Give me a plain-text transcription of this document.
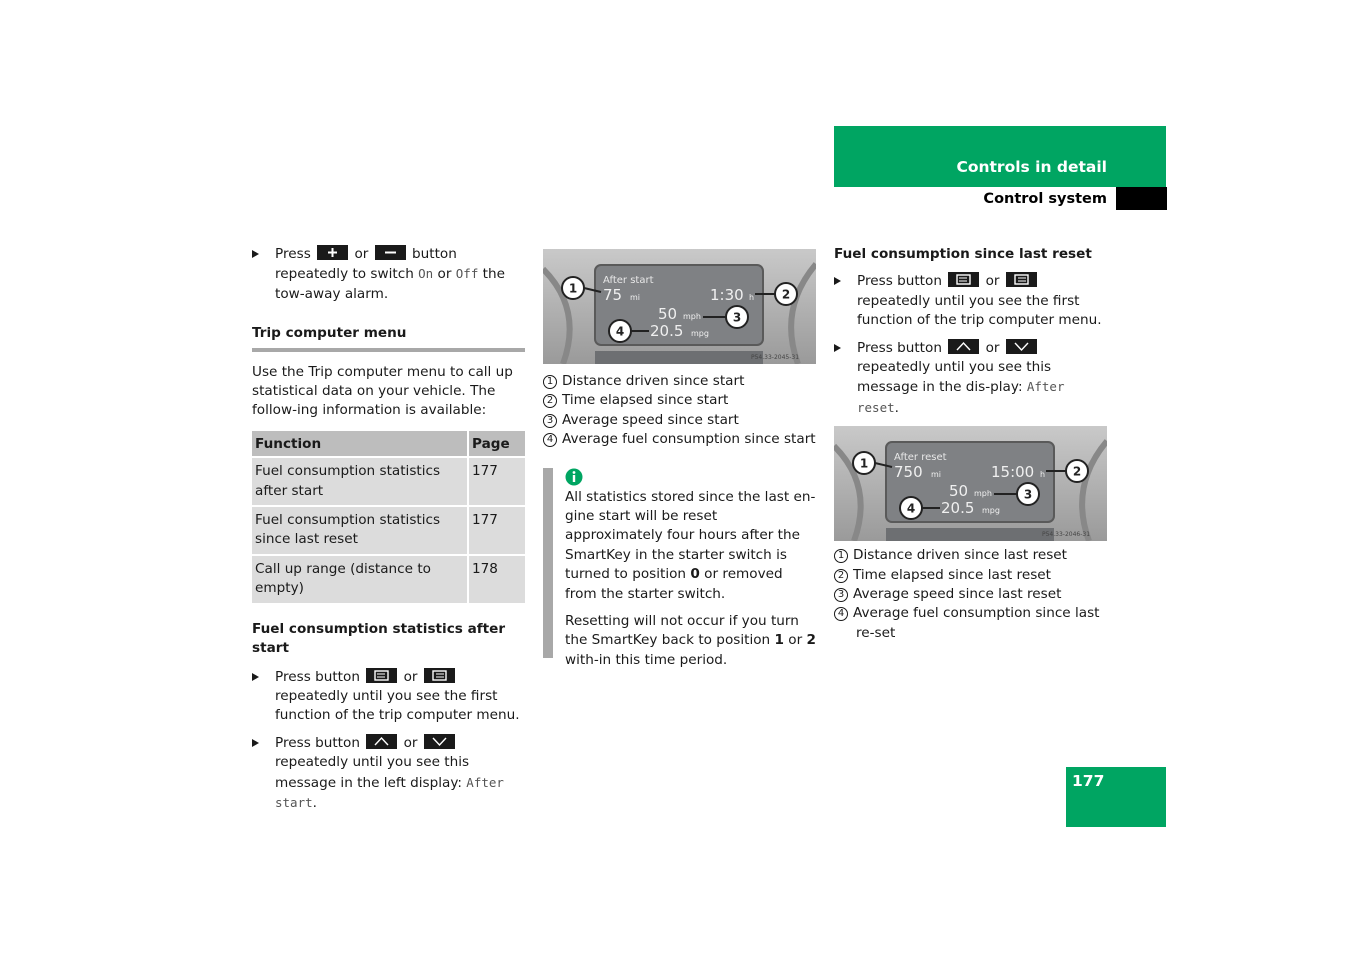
Controls in detail
Control system
Press	or	button repeatedly to switch On or Off the tow-away alarm.
Trip computer menu
Use the Trip computer menu to call up statistical data on your vehicle. The follow-ing information is available:
Function	Page
Fuel consumption statistics after start	177
Fuel consumption statistics since last reset	177
Call up range (distance to empty)	178
Fuel consumption statistics after start
Press button	or
repeatedly until you see the first function of the trip computer menu.
Press button	or
repeatedly until you see this message in the left display: After start.
After start
75 mi	1:30 h
50 mph
20.5 mpg
1	2
3
4
P54.33-2045-31
1 Distance driven since start
2 Time elapsed since start
3 Average speed since start
4 Average fuel consumption since start

All statistics stored since the last en-gine start will be reset approximately four hours after the SmartKey in the starter switch is turned to position 0 or removed from the starter switch.

Resetting will not occur if you turn the SmartKey back to position 1 or 2 with-in this time period.

Fuel consumption since last reset
Press button	or
repeatedly until you see the first function of the trip computer menu.
Press button	or
repeatedly until you see this message in the dis-play: After reset.
After reset
750 mi	15:00 h
50 mph
20.5 mpg
1
2
3
4
P54.33-2046-31
1 Distance driven since last reset
2 Time elapsed since last reset
3 Average speed since last reset
4 Average fuel consumption since last re-set
177
